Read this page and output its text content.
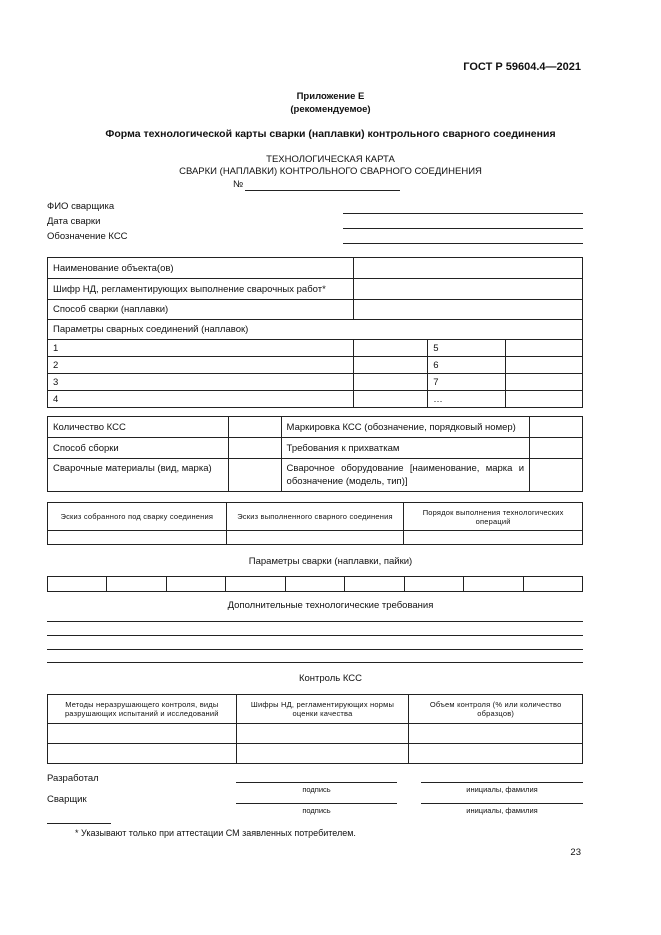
ГОСТ Р 59604.4—2021
Приложение Е
(рекомендуемое)
Форма технологической карты сварки (наплавки) контрольного сварного соединения
ТЕХНОЛОГИЧЕСКАЯ КАРТА
СВАРКИ (НАПЛАВКИ) КОНТРОЛЬНОГО СВАРНОГО СОЕДИНЕНИЯ
№
ФИО сварщика
Дата сварки
Обозначение КСС
Наименование объекта(ов)			
Шифр НД, регламентирующих выполнение сварочных работ*			
Способ сварки (наплавки)			
Параметры сварных соединений (наплавок)			
1		5	
2		6	
3		7	
4		…	
Количество КСС		Маркировка КСС (обозначение, порядковый номер)	
Способ сборки		Требования к прихваткам	
Сварочные материалы (вид, марка)		Сварочное оборудование [наименование, марка и обозначение (модель, тип)]	
Эскиз собранного под сварку соединения	Эскиз выполненного сварного соединения	Порядок выполнения технологических операций

Параметры сварки (наплавки, пайки)

Дополнительные технологические требования
Контроль КСС
Методы неразрушающего контроля, виды разрушающих испытаний и исследований	Шифры НД, регламентирующих нормы оценки качества	Объем контроля (% или количество образцов)

Разработал
подпись	инициалы, фамилия
Сварщик
подпись	инициалы, фамилия
* Указывают только при аттестации СМ заявленных потребителем.
23
